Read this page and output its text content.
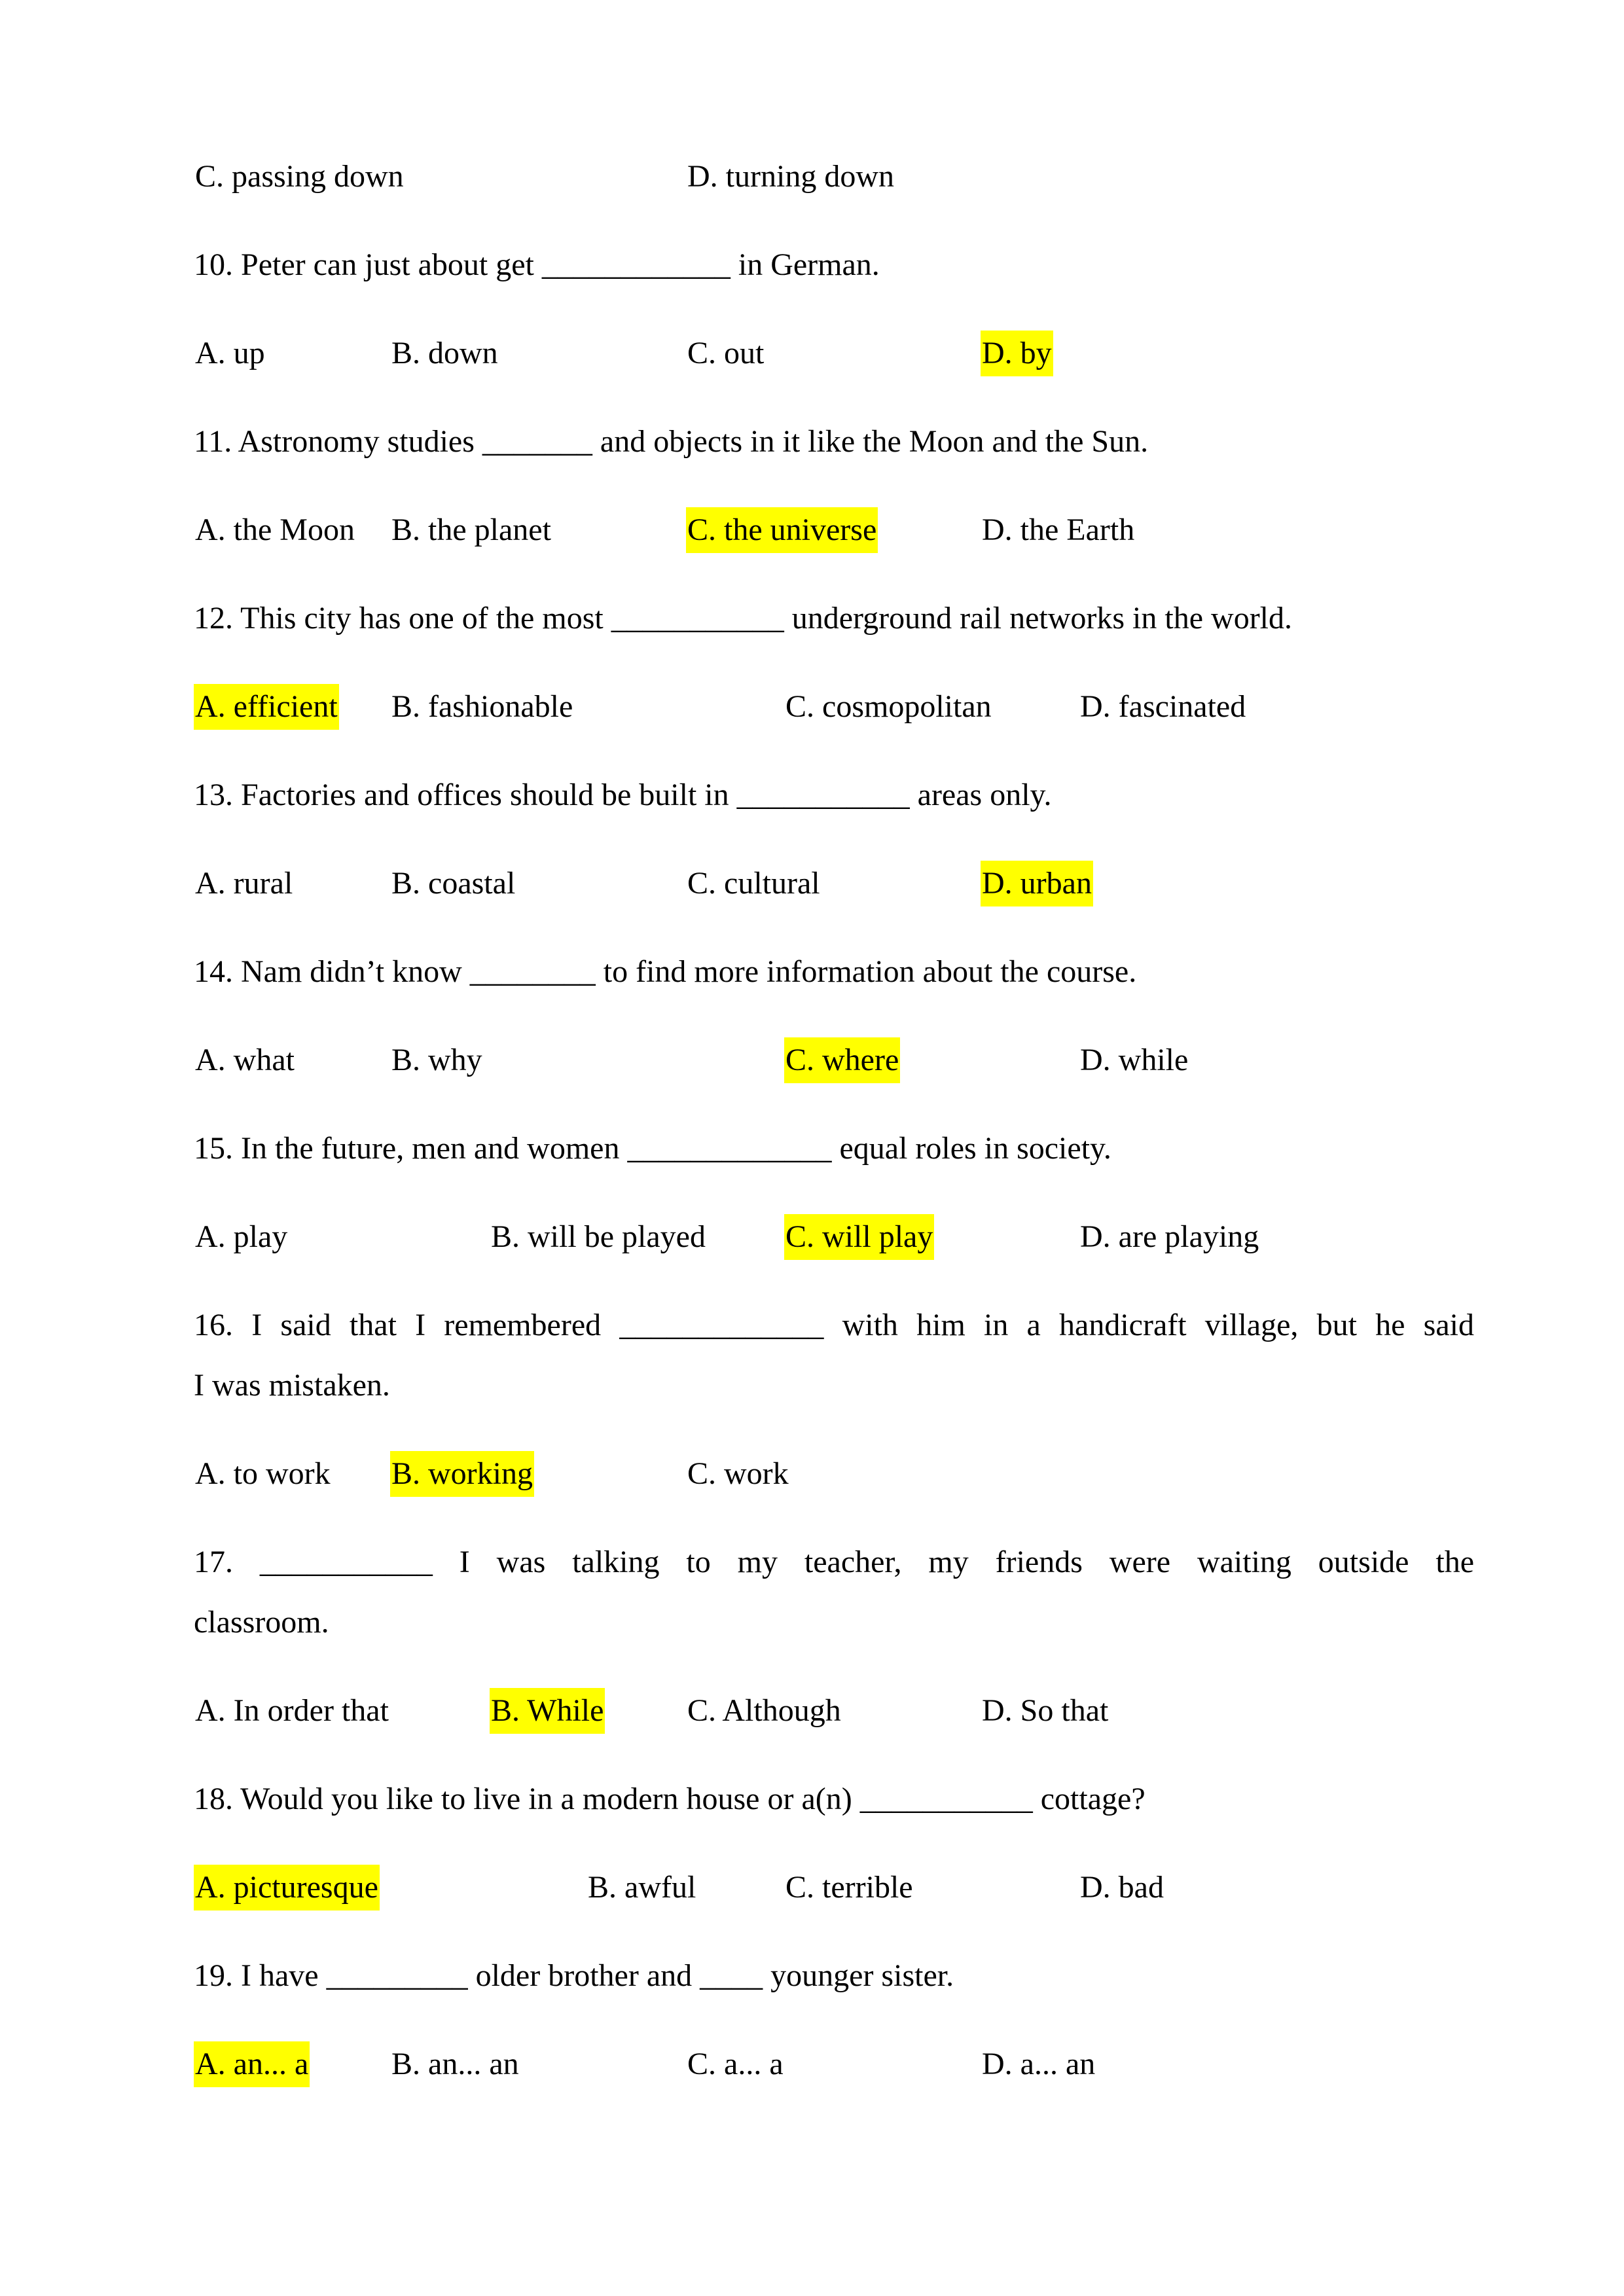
C. passing down	D. turning down
10. Peter can just about get ____________ in German.
A. up	B. down	C. out	D. by
11. Astronomy studies _______ and objects in it like the Moon and the Sun.
A. the Moon B. the planet	C. the universe	D. the Earth
12. This city has one of the most ___________ underground rail networks in the world.
A. efficient B. fashionable	C. cosmopolitan	D. fascinated
13. Factories and offices should be built in ___________ areas only.
A. rural	B. coastal	C. cultural	D. urban
14. Nam didn’t know ________ to find more information about the course.
A. what	B. why	C. where	D. while
15. In the future, men and women _____________ equal roles in society.
A. play	B. will be played	C. will play	D. are playing
16. I said that I remembered _____________ with him in a handicraft village, but he said
I was mistaken.
A. to work B. working	C. work
17. ___________ I was talking to my teacher, my friends were waiting outside the
classroom.
A. In order that	B. While	C. Although	D. So that
18. Would you like to live in a modern house or a(n) ___________ cottage?
A. picturesque	B. awful	C. terrible	D. bad
19. I have _________ older brother and ____ younger sister.
A. an... a	B. an... an	C. a... a	D. a... an
